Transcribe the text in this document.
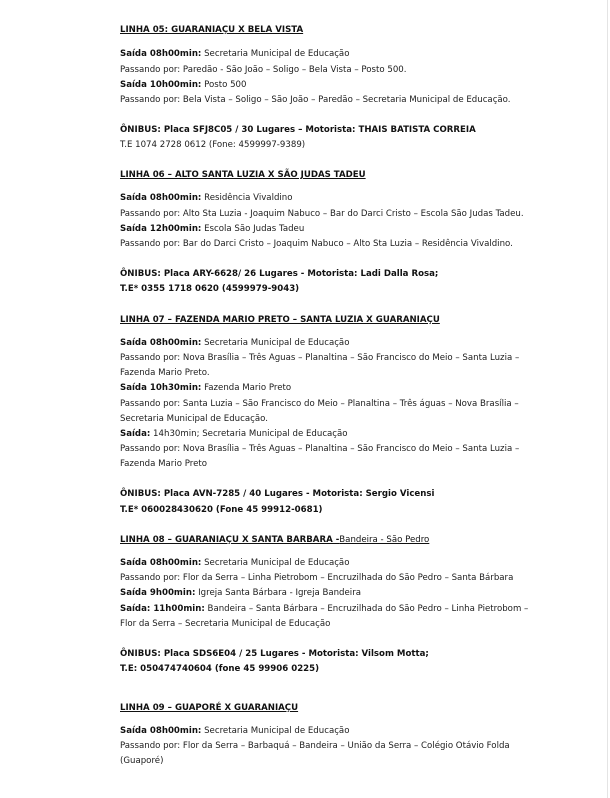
LINHA 05: GUARANIAÇU X BELA VISTA
Saída 08h00min: Secretaria Municipal de Educação
Passando por: Paredão - São João – Soligo – Bela Vista – Posto 500.
Saída 10h00min: Posto 500
Passando por: Bela Vista – Soligo – São João – Paredão – Secretaria Municipal de Educação.
ÔNIBUS: Placa SFJ8C05 / 30 Lugares – Motorista: THAIS BATISTA CORREIA
T.E 1074 2728 0612 (Fone: 4599997-9389)
LINHA 06 – ALTO SANTA LUZIA X SÃO JUDAS TADEU
Saída 08h00min: Residência Vivaldino
Passando por: Alto Sta Luzia - Joaquim Nabuco – Bar do Darci Cristo – Escola São Judas Tadeu.
Saída 12h00min: Escola São Judas Tadeu
Passando por: Bar do Darci Cristo – Joaquim Nabuco – Alto Sta Luzia – Residência Vivaldino.
ÔNIBUS: Placa ARY-6628/ 26 Lugares - Motorista: Ladi Dalla Rosa;
T.E* 0355 1718 0620 (4599979-9043)
LINHA 07 – FAZENDA MARIO PRETO – SANTA LUZIA X GUARANIAÇU
Saída 08h00min: Secretaria Municipal de Educação
Passando por: Nova Brasília – Três Aguas – Planaltina – São Francisco do Meio – Santa Luzia –
Fazenda Mario Preto.
Saída 10h30min: Fazenda Mario Preto
Passando por: Santa Luzia – São Francisco do Meio – Planaltina – Três águas – Nova Brasília –
Secretaria Municipal de Educação.
Saída: 14h30min; Secretaria Municipal de Educação
Passando por: Nova Brasília – Três Aguas – Planaltina – São Francisco do Meio – Santa Luzia –
Fazenda Mario Preto
ÔNIBUS: Placa AVN-7285 / 40 Lugares - Motorista: Sergio Vicensi
T.E* 060028430620 (Fone 45 99912-0681)
LINHA 08 – GUARANIAÇU X SANTA BARBARA -Bandeira - São Pedro
Saída 08h00min: Secretaria Municipal de Educação
Passando por: Flor da Serra – Linha Pietrobom – Encruzilhada do São Pedro – Santa Bárbara
Saída 9h00min: Igreja Santa Bárbara - Igreja Bandeira
Saída: 11h00min: Bandeira – Santa Bárbara – Encruzilhada do São Pedro – Linha Pietrobom –
Flor da Serra – Secretaria Municipal de Educação
ÔNIBUS: Placa SDS6E04 / 25 Lugares - Motorista: Vilsom Motta;
T.E: 050474740604 (fone 45 99906 0225)
LINHA 09 – GUAPORÉ X GUARANIAÇU
Saída 08h00min: Secretaria Municipal de Educação
Passando por: Flor da Serra – Barbaquá – Bandeira – União da Serra – Colégio Otávio Folda
(Guaporé)
